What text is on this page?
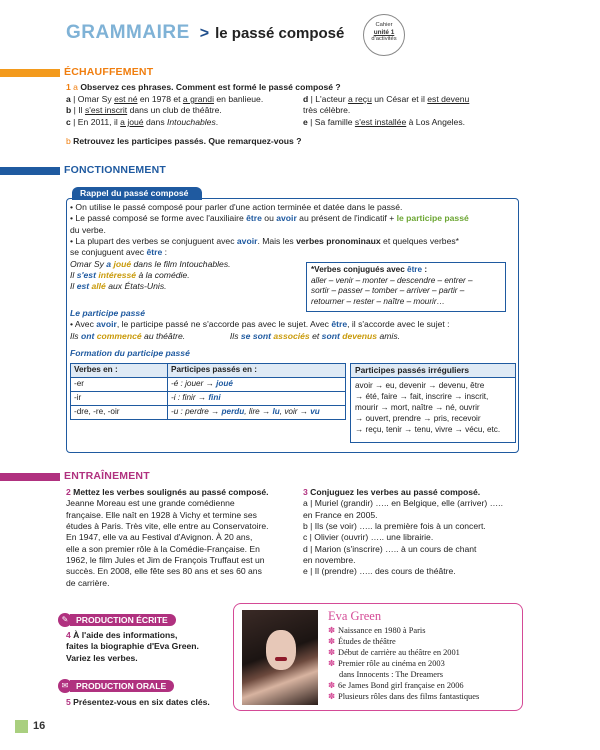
GRAMMAIRE > le passé composé	Cahier
unité 1
d'activités
ÉCHAUFFEMENT
1 a Observez ces phrases. Comment est formé le passé composé ?
a | Omar Sy est né en 1978 et a grandi en banlieue.
b | Il s'est inscrit dans un club de théâtre.
c | En 2011, il a joué dans Intouchables.
d | L'acteur a reçu un César et il est devenu
très célèbre.
e | Sa famille s'est installée à Los Angeles.
b Retrouvez les participes passés. Que remarquez-vous ?
FONCTIONNEMENT
Rappel du passé composé
• On utilise le passé composé pour parler d'une action terminée et datée dans le passé.
• Le passé composé se forme avec l'auxiliaire être ou avoir au présent de l'indicatif + le participe passé
du verbe.
• La plupart des verbes se conjuguent avec avoir. Mais les verbes pronominaux et quelques verbes*
se conjuguent avec être :
Omar Sy a joué dans le film Intouchables.
Il s'est intéressé à la comédie.
Il est allé aux États-Unis.
*Verbes conjugués avec être :
aller – venir – monter – descendre – entrer –
sortir – passer – tomber – arriver – partir –
retourner – rester – naître – mourir…
Le participe passé
• Avec avoir, le participe passé ne s'accorde pas avec le sujet. Avec être, il s'accorde avec le sujet :
Ils ont commencé au théâtre.	Ils se sont associés et sont devenus amis.
Formation du participe passé
Verbes en :	Participes passés en :
-er	-é : jouer → joué
-ir	-i : finir → fini
-dre, -re, -oir	-u : perdre → perdu, lire → lu, voir → vu
Participes passés irréguliers
avoir → eu, devenir → devenu, être
→ été, faire → fait, inscrire → inscrit,
mourir → mort, naître → né, ouvrir
→ ouvert, prendre → pris, recevoir
→ reçu, tenir → tenu, vivre → vécu, etc.
ENTRAÎNEMENT
2 Mettez les verbes soulignés au passé composé.
Jeanne Moreau est une grande comédienne
française. Elle naît en 1928 à Vichy et termine ses
études à Paris. Très vite, elle entre au Conservatoire.
En 1947, elle va au Festival d'Avignon. À 20 ans,
elle a son premier rôle à la Comédie-Française. En
1962, le film Jules et Jim de François Truffaut est un
succès. En 2008, elle fête ses 80 ans et ses 60 ans
de carrière.
3 Conjuguez les verbes au passé composé.
a | Muriel (grandir) ….. en Belgique, elle (arriver) …..
en France en 2005.
b | Ils (se voir) ….. la première fois à un concert.
c | Olivier (ouvrir) ….. une librairie.
d | Marion (s'inscrire) ….. à un cours de chant
en novembre.
e | Il (prendre) ….. des cours de théâtre.
✎ PRODUCTION ÉCRITE
4 À l'aide des informations,
faites la biographie d'Eva Green.
Variez les verbes.
✉ PRODUCTION ORALE
5 Présentez-vous en six dates clés.
Eva Green
✽ Naissance en 1980 à Paris
✽ Études de théâtre
✽ Début de carrière au théâtre en 2001
✽ Premier rôle au cinéma en 2003
dans Innocents : The Dreamers
✽ 6e James Bond girl française en 2006
✽ Plusieurs rôles dans des films fantastiques
16
